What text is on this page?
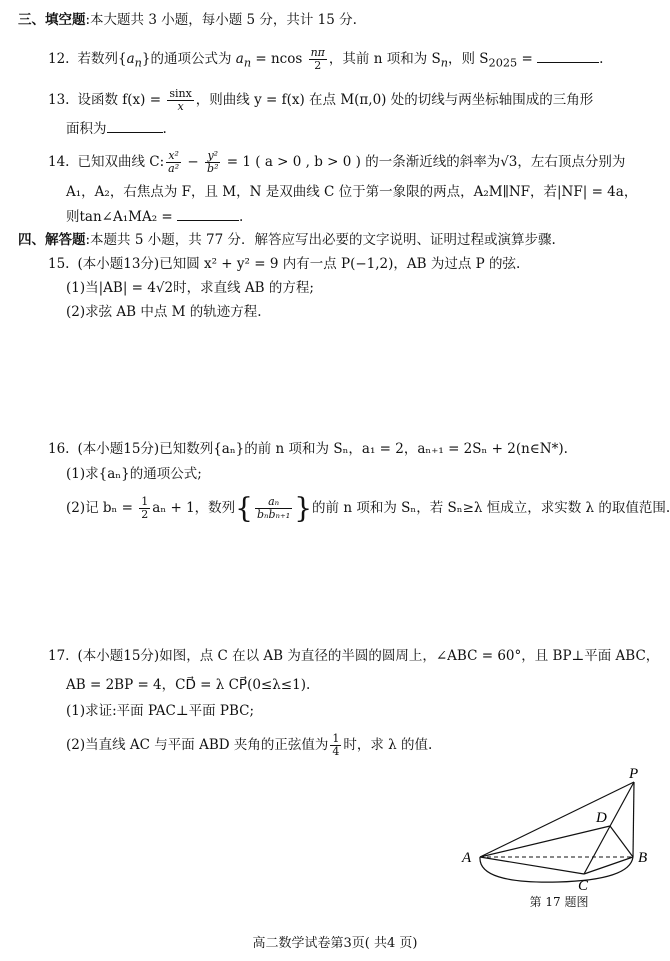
三、填空题:本大题共 3 小题，每小题 5 分，共计 15 分.
12. 若数列$\{a_n\}$的通项公式为 $a_n = ncos \frac{n\pi}{2}$ ，其前 n 项和为 $S_n$，则 $S_{2025}$ =	.
13. 设函数 $f(x) = \frac{\sin x}{x}$ ，则曲线 y = f(x) 在点 M(π,0) 处的切线与两坐标轴围成的三角形
面积为	.
14. 已知双曲线 C: $\frac{\text{x²}}{\text{a²}} - \frac{\text{y²}}{\text{b²}} = 1$ ( a > 0 , b > 0 ) 的一条渐近线的斜率为√3，左右顶点分别为
A₁，A₂，右焦点为 F，且 M，N 是双曲线 C 位于第一象限的两点，A₂M∥NF，若|NF| = 4a，
则tan∠A₁MA₂ =	.
四、解答题:本题共 5 小题，共 77 分．解答应写出必要的文字说明、证明过程或演算步骤.
15. (本小题13分)已知圆 x² + y² = 9 内有一点 P(−1,2)，AB 为过点 P 的弦.
(1)当|AB| = 4√2时，求直线 AB 的方程;
(2)求弦 AB 中点 M 的轨迹方程.
16. (本小题15分)已知数列{aₙ}的前 n 项和为 Sₙ，a₁ = 2，aₙ₊₁ = 2Sₙ + 2(n∈N*).
(1)求{aₙ}的通项公式;
(2)记 $b_n = \frac{1}{2}$ aₙ + 1，数列{ $\frac{\text{aₙ}}{\text{bₙbₙ₊₁}}$ }的前 n 项和为 Sₙ，若 Sₙ≥λ 恒成立，求实数 λ 的取值范围.
17. (本小题15分)如图，点 C 在以 AB 为直径的半圆的圆周上，∠ABC = 60°，且 BP⊥平面 ABC，
AB = 2BP = 4，CD⃗ = λ CP⃗(0≤λ≤1).
(1)求证:平面 PAC⊥平面 PBC;
(2)当直线 AC 与平面 ABD 夹角的正弦值为 $\frac{1}{4}$ 时，求 λ 的值.
P
D
A	B
C
第 17 题图
高二数学试卷第3页( 共4 页)
